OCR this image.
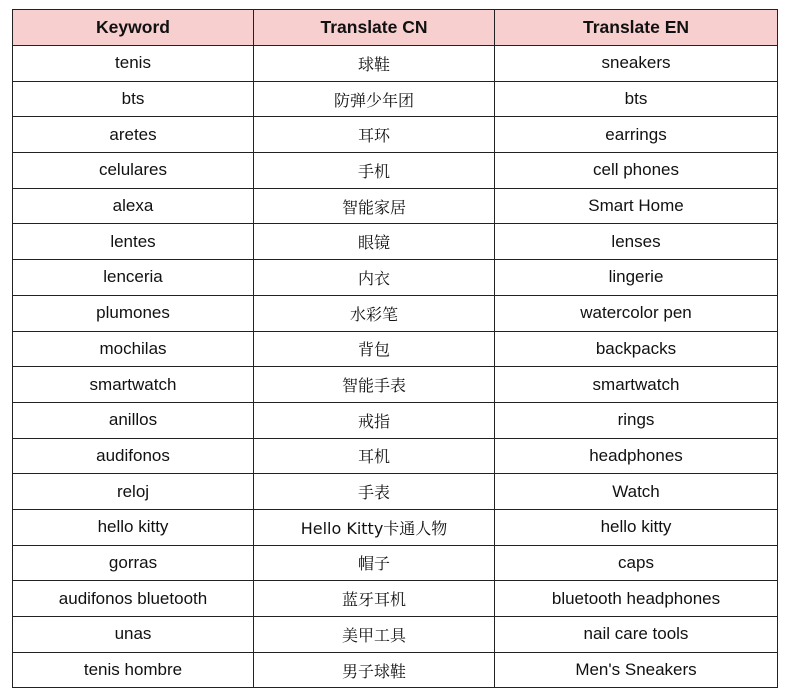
Keyword	Translate CN	Translate EN
tenis	球鞋	sneakers
bts	防弹少年团	bts
aretes	耳环	earrings
celulares	手机	cell phones
alexa	智能家居	Smart Home
lentes	眼镜	lenses
lenceria	内衣	lingerie
plumones	水彩笔	watercolor pen
mochilas	背包	backpacks
smartwatch	智能手表	smartwatch
anillos	戒指	rings
audifonos	耳机	headphones
reloj	手表	Watch
hello kitty	Hello Kitty卡通人物	hello kitty
gorras	帽子	caps
audifonos bluetooth	蓝牙耳机	bluetooth headphones
unas	美甲工具	nail care tools
tenis hombre	男子球鞋	Men's Sneakers
